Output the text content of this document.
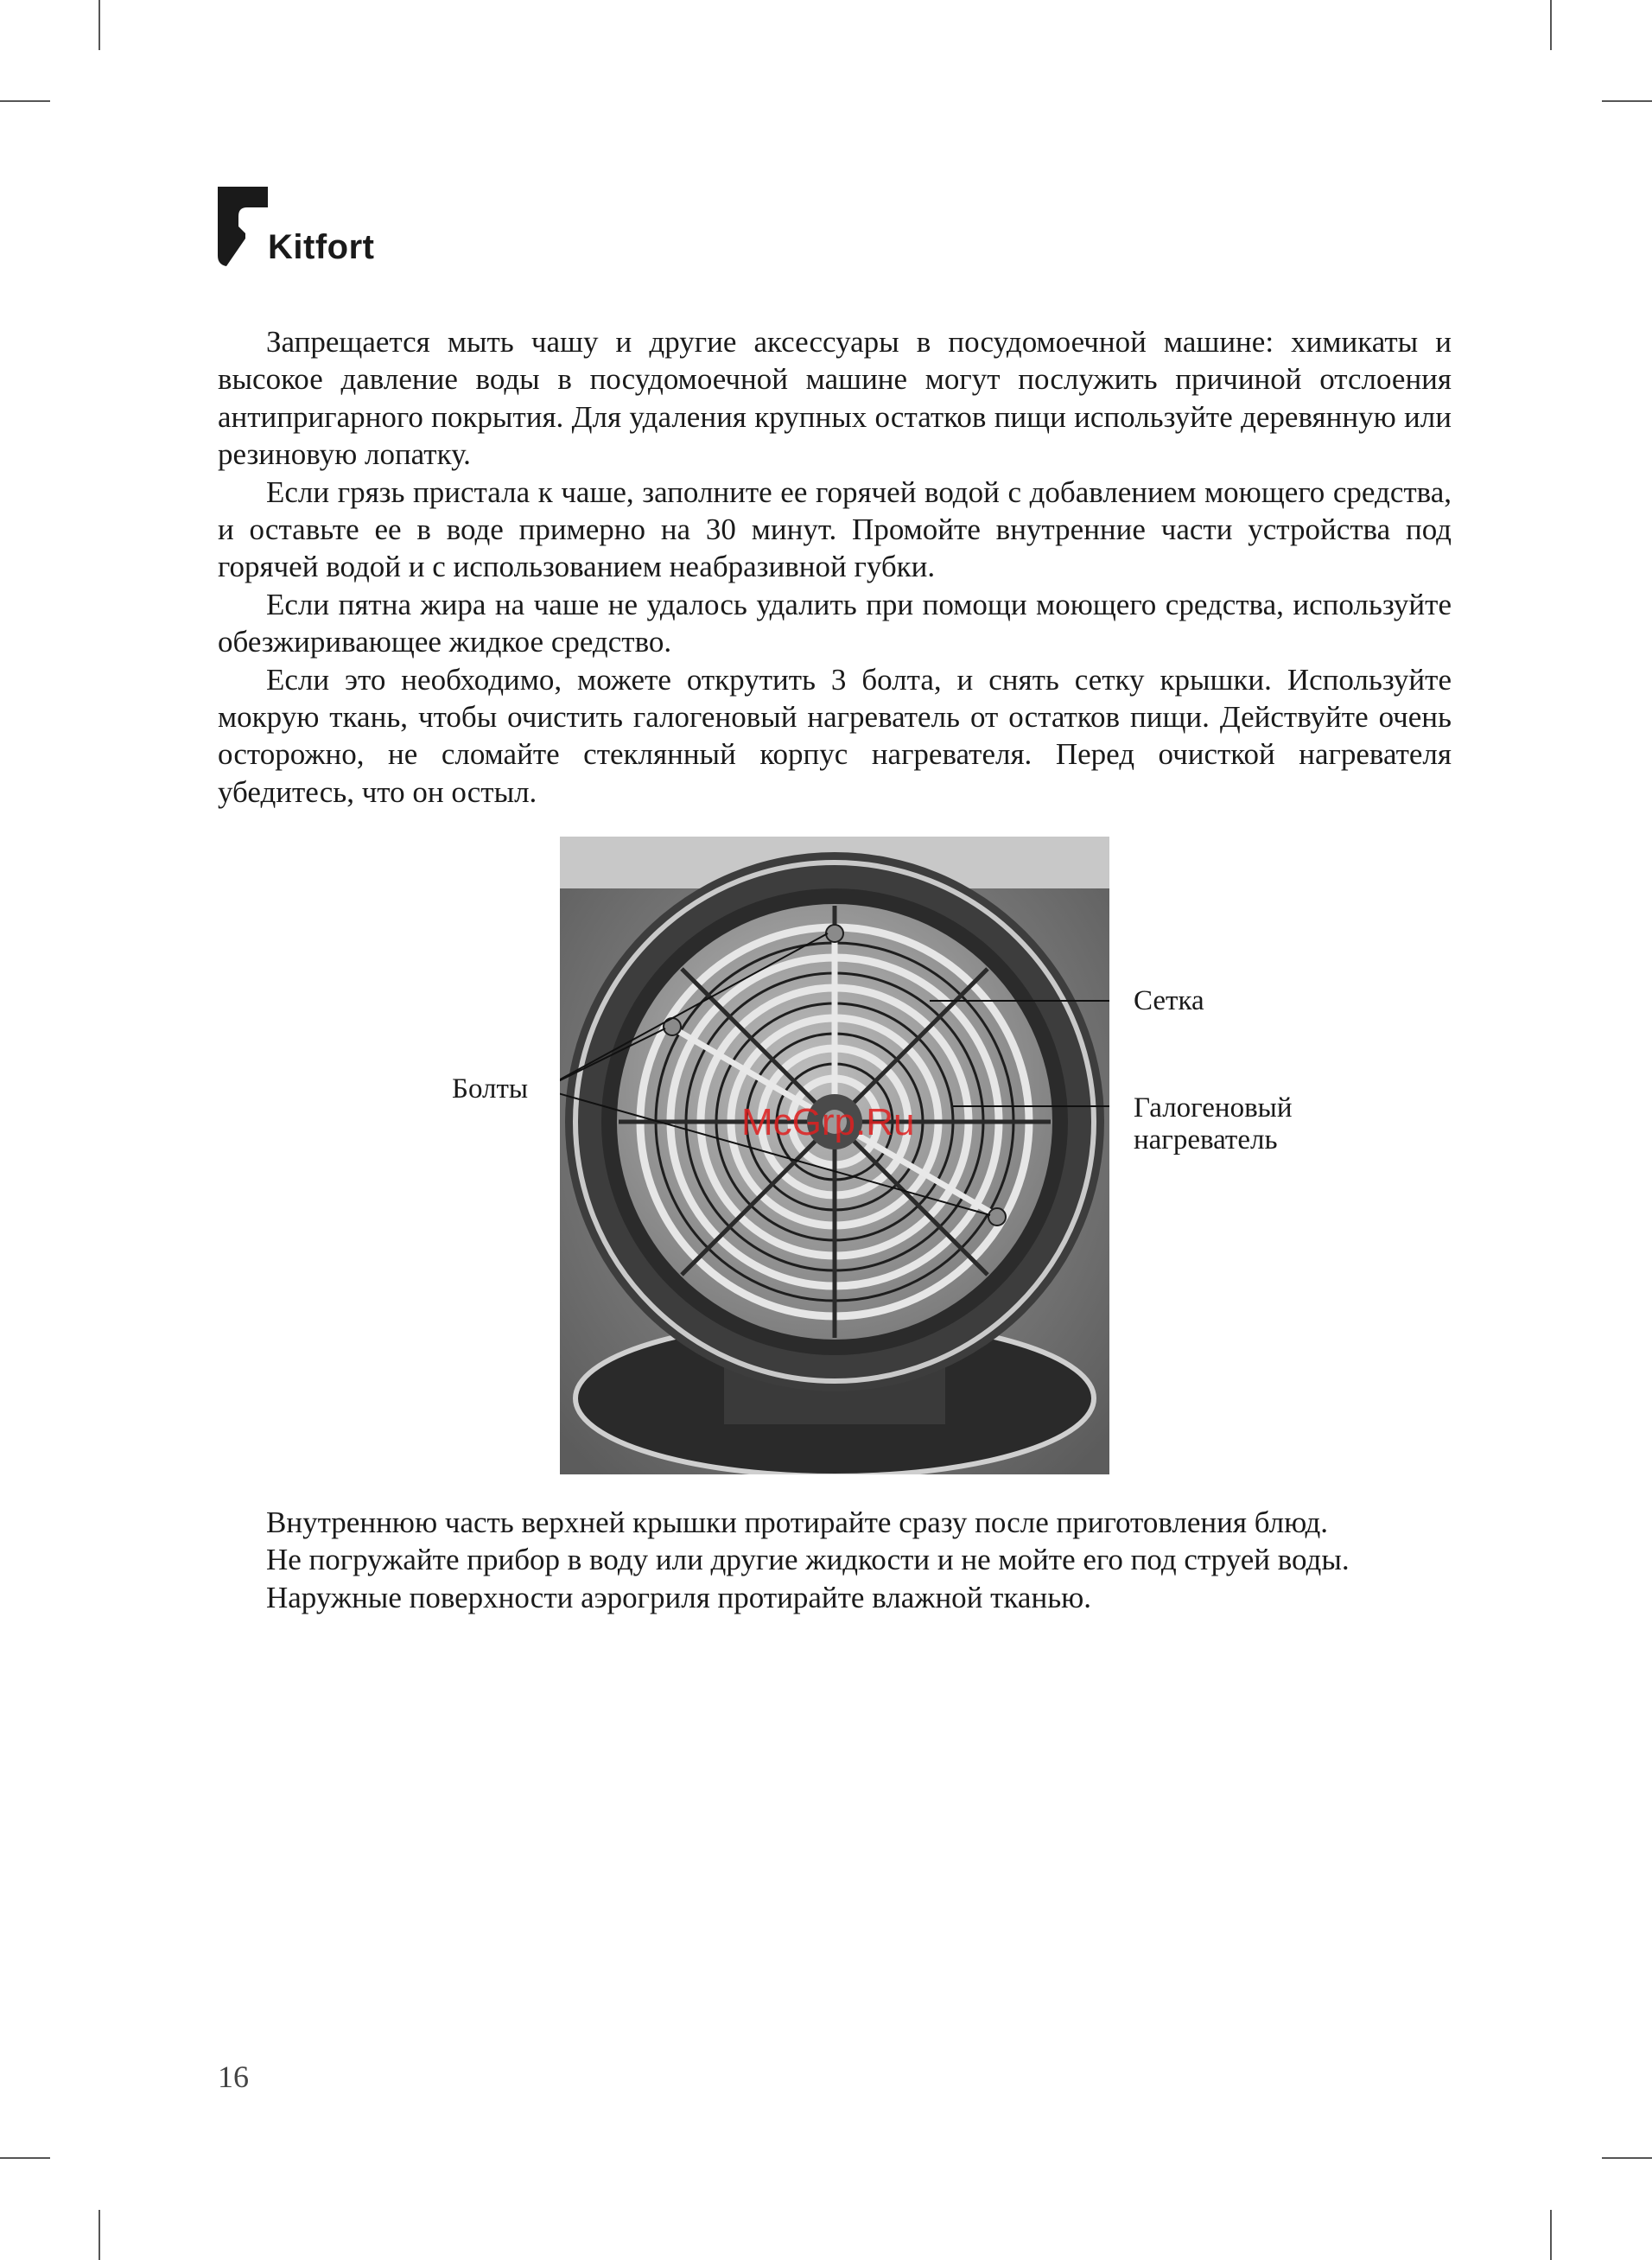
Kitfort

Запрещается мыть чашу и другие аксессуары в посудомоечной машине: химикаты и высокое давление воды в посудомоечной машине могут послужить причиной отслоения антипригарного покрытия. Для удаления крупных остатков пищи используйте деревянную или резиновую лопатку.

Если грязь пристала к чаше, заполните ее горячей водой с добавлением моющего средства, и оставьте ее в воде примерно на 30 минут. Промойте внутренние части устройства под горячей водой и с использованием неабразивной губки.

Если пятна жира на чаше не удалось удалить при помощи моющего средства, используйте обезжиривающее жидкое средство.

Если это необходимо, можете открутить 3 болта, и снять сетку крышки. Используйте мокрую ткань, чтобы очистить галогеновый нагреватель от остатков пищи. Действуйте очень осторожно, не сломайте стеклянный корпус нагревателя. Перед очисткой нагревателя убедитесь, что он остыл.

McGrp.Ru
Сетка
Болты
Галогеновый
нагреватель

Внутреннюю часть верхней крышки протирайте сразу после приготовления блюд.

Не погружайте прибор в воду или другие жидкости и не мойте его под струей воды.

Наружные поверхности аэрогриля протирайте влажной тканью.

16
